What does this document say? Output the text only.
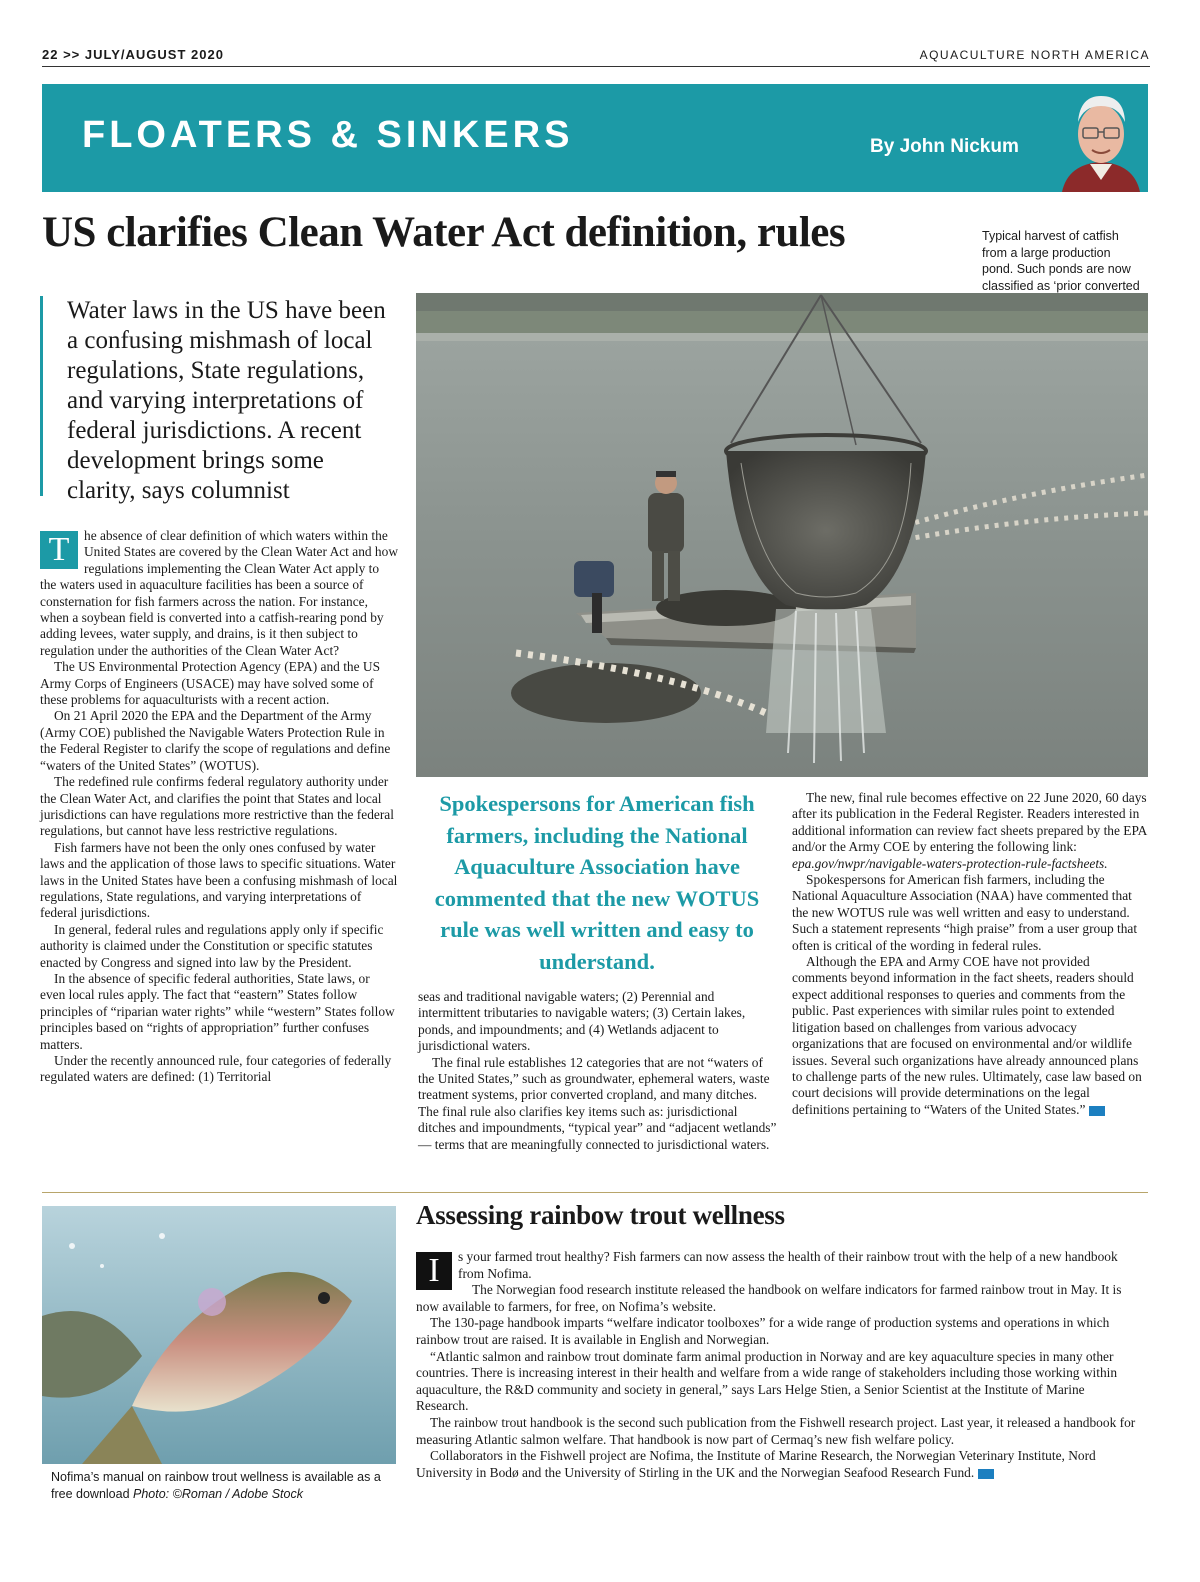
22 >> JULY/AUGUST 2020	AQUACULTURE NORTH AMERICA
FLOATERS & SINKERS	By John Nickum
US clarifies Clean Water Act definition, rules	Typical harvest of catfish from a large production pond. Such ponds are now classified as ‘prior converted

Water laws in the US have been a confusing mishmash of local regulations, State regulations, and varying interpretations of federal jurisdictions. A recent development brings some clarity, says columnist

T	he absence of clear definition of which waters within the United States are covered by the Clean Water Act and how regulations implementing the Clean Water Act apply to the waters used in aquaculture facilities has been a source of consternation for fish farmers across the nation. For instance, when a soybean field is converted into a catfish-rearing pond by adding levees, water supply, and drains, is it then subject to regulation under the authorities of the Clean Water Act?

The US Environmental Protection Agency (EPA) and the US Army Corps of Engineers (USACE) may have solved some of these problems for aquaculturists with a recent action.

On 21 April 2020 the EPA and the Department of the Army (Army COE) published the Navigable Waters Protection Rule in the Federal Register to clarify the scope of regulations and define “waters of the United States” (WOTUS).

The redefined rule confirms federal regulatory authority under the Clean Water Act, and clarifies the point that States and local jurisdictions can have regulations more restrictive than the federal regulations, but cannot have less restrictive regulations.

Fish farmers have not been the only ones confused by water laws and the application of those laws to specific situations. Water laws in the United States have been a confusing mishmash of local regulations, State regulations, and varying interpretations of federal jurisdictions.

In general, federal rules and regulations apply only if specific authority is claimed under the Constitution or specific statutes enacted by Congress and signed into law by the President.

In the absence of specific federal authorities, State laws, or even local rules apply. The fact that “eastern” States follow principles of “riparian water rights” while “western” States follow principles based on “rights of appropriation” further confuses matters.

Under the recently announced rule, four categories of federally regulated waters are defined: (1) Territorial

Spokespersons for American fish farmers, including the National Aquaculture Association have commented that the new WOTUS rule was well written and easy to understand.

seas and traditional navigable waters; (2) Perennial and intermittent tributaries to navigable waters; (3) Certain lakes, ponds, and impoundments; and (4) Wetlands adjacent to jurisdictional waters.

The final rule establishes 12 categories that are not “waters of the United States,” such as groundwater, ephemeral waters, waste treatment systems, prior converted cropland, and many ditches. The final rule also clarifies key items such as: jurisdictional ditches and impoundments, “typical year” and “adjacent wetlands” — terms that are meaningfully connected to jurisdictional waters.

The new, final rule becomes effective on 22 June 2020, 60 days after its publication in the Federal Register. Readers interested in additional information can review fact sheets prepared by the EPA and/or the Army COE by entering the following link: epa.gov/nwpr/navigable-waters-protection-rule-factsheets.

Spokespersons for American fish farmers, including the National Aquaculture Association (NAA) have commented that the new WOTUS rule was well written and easy to understand. Such a statement represents “high praise” from a user group that often is critical of the wording in federal rules.

Although the EPA and Army COE have not provided comments beyond information in the fact sheets, readers should expect additional responses to queries and comments from the public. Past experiences with similar rules point to extended litigation based on challenges from various advocacy organizations that are focused on environmental and/or wildlife issues. Several such organizations have already announced plans to challenge parts of the new rules. Ultimately, case law based on court decisions will provide determinations on the legal definitions pertaining to “Waters of the United States.”

Nofima’s manual on rainbow trout wellness is available as a free download Photo: ©Roman / Adobe Stock
Assessing rainbow trout wellness
I	s your farmed trout healthy? Fish farmers can now assess the health of their rainbow trout with the help of a new handbook from Nofima.

The Norwegian food research institute released the handbook on welfare indicators for farmed rainbow trout in May. It is now available to farmers, for free, on Nofima’s website.

The 130-page handbook imparts “welfare indicator toolboxes” for a wide range of production systems and operations in which rainbow trout are raised. It is available in English and Norwegian.

“Atlantic salmon and rainbow trout dominate farm animal production in Norway and are key aquaculture species in many other countries. There is increasing interest in their health and welfare from a wide range of stakeholders including those working within aquaculture, the R&D community and society in general,” says Lars Helge Stien, a Senior Scientist at the Institute of Marine Research.

The rainbow trout handbook is the second such publication from the Fishwell research project. Last year, it released a handbook for measuring Atlantic salmon welfare. That handbook is now part of Cermaq’s new fish welfare policy.

Collaborators in the Fishwell project are Nofima, the Institute of Marine Research, the Norwegian Veterinary Institute, Nord University in Bodø and the University of Stirling in the UK and the Norwegian Seafood Research Fund.
